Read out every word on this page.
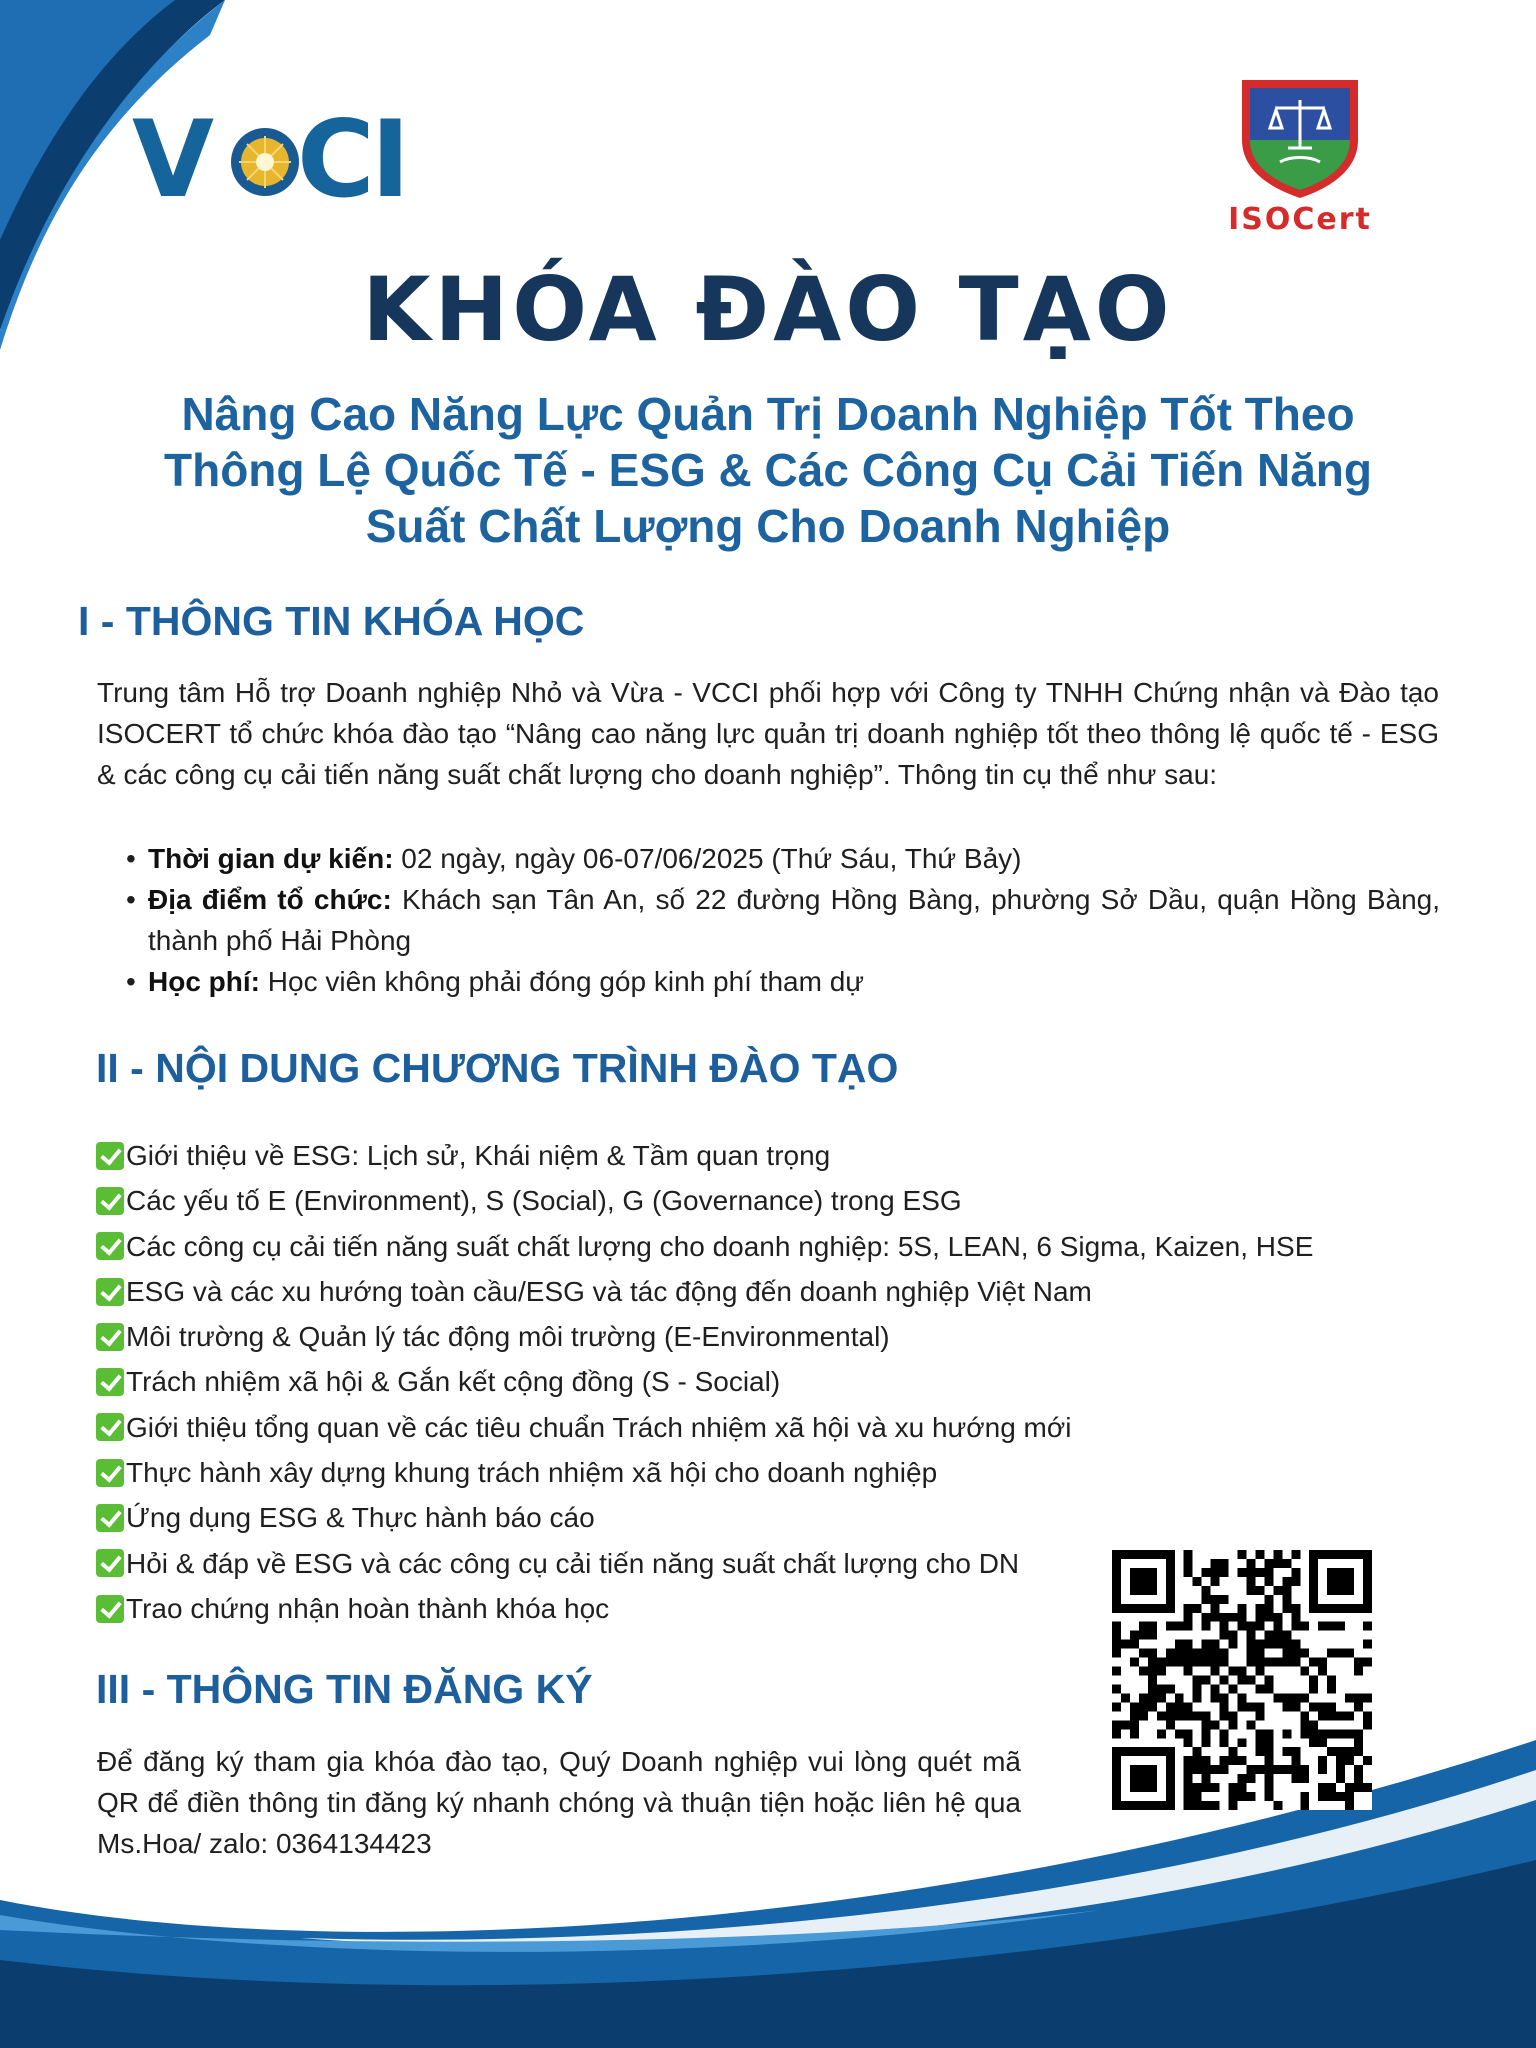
V CI	ISOCert
KHÓA ĐÀO TẠO
Nâng Cao Năng Lực Quản Trị Doanh Nghiệp Tốt Theo
Thông Lệ Quốc Tế - ESG & Các Công Cụ Cải Tiến Năng
Suất Chất Lượng Cho Doanh Nghiệp
I - THÔNG TIN KHÓA HỌC
Trung tâm Hỗ trợ Doanh nghiệp Nhỏ và Vừa - VCCI phối hợp với Công ty TNHH Chứng nhận và Đào tạo ISOCERT tổ chức khóa đào tạo “Nâng cao năng lực quản trị doanh nghiệp tốt theo thông lệ quốc tế - ESG & các công cụ cải tiến năng suất chất lượng cho doanh nghiệp”. Thông tin cụ thể như sau:
• Thời gian dự kiến: 02 ngày, ngày 06-07/06/2025 (Thứ Sáu, Thứ Bảy)
• Địa điểm tổ chức: Khách sạn Tân An, số 22 đường Hồng Bàng, phường Sở Dầu, quận Hồng Bàng, thành phố Hải Phòng
• Học phí: Học viên không phải đóng góp kinh phí tham dự
II - NỘI DUNG CHƯƠNG TRÌNH ĐÀO TẠO
Giới thiệu về ESG: Lịch sử, Khái niệm & Tầm quan trọng
Các yếu tố E (Environment), S (Social), G (Governance) trong ESG
Các công cụ cải tiến năng suất chất lượng cho doanh nghiệp: 5S, LEAN, 6 Sigma, Kaizen, HSE
ESG và các xu hướng toàn cầu/ESG và tác động đến doanh nghiệp Việt Nam
Môi trường & Quản lý tác động môi trường (E-Environmental)
Trách nhiệm xã hội & Gắn kết cộng đồng (S - Social)
Giới thiệu tổng quan về các tiêu chuẩn Trách nhiệm xã hội và xu hướng mới
Thực hành xây dựng khung trách nhiệm xã hội cho doanh nghiệp
Ứng dụng ESG & Thực hành báo cáo
Hỏi & đáp về ESG và các công cụ cải tiến năng suất chất lượng cho DN
Trao chứng nhận hoàn thành khóa học
III - THÔNG TIN ĐĂNG KÝ
Để đăng ký tham gia khóa đào tạo, Quý Doanh nghiệp vui lòng quét mã QR để điền thông tin đăng ký nhanh chóng và thuận tiện hoặc liên hệ qua Ms.Hoa/ zalo: 0364134423
